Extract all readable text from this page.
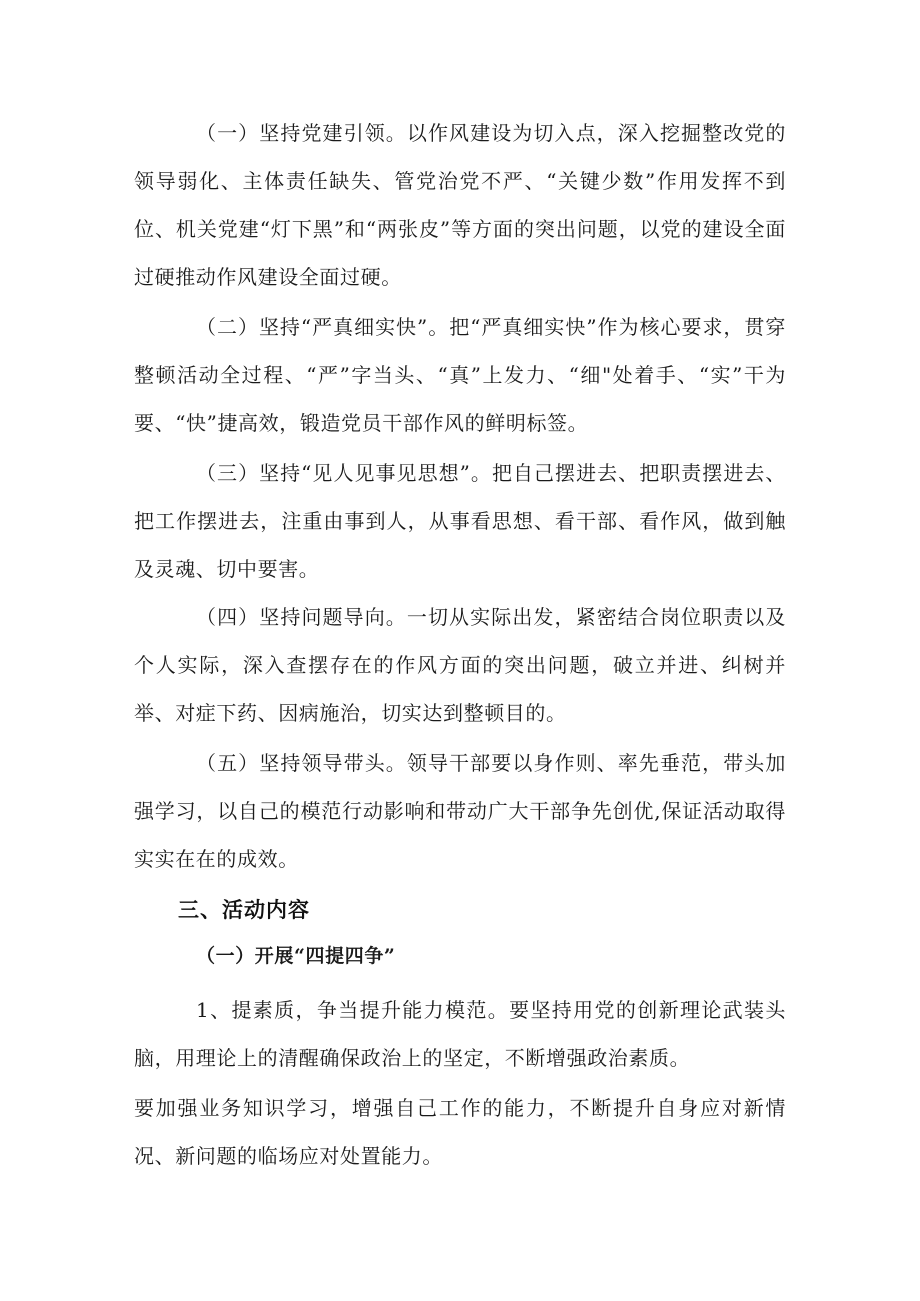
（一）坚持党建引领。以作风建设为切入点，深入挖掘整改党的领导弱化、主体责任缺失、管党治党不严、“关键少数”作用发挥不到位、机关党建“灯下黑”和“两张皮”等方面的突出问题，以党的建设全面过硬推动作风建设全面过硬。

（二）坚持“严真细实快”。把“严真细实快”作为核心要求，贯穿整顿活动全过程、“严”字当头、“真”上发力、“细"处着手、“实”干为要、“快”捷高效，锻造党员干部作风的鲜明标签。

（三）坚持“见人见事见思想”。把自己摆进去、把职责摆进去、把工作摆进去，注重由事到人，从事看思想、看干部、看作风，做到触及灵魂、切中要害。

（四）坚持问题导向。一切从实际出发，紧密结合岗位职责以及个人实际，深入查摆存在的作风方面的突出问题，破立并进、纠树并举、对症下药、因病施治，切实达到整顿目的。

（五）坚持领导带头。领导干部要以身作则、率先垂范，带头加强学习，以自己的模范行动影响和带动广大干部争先创优,保证活动取得实实在在的成效。

三、活动内容
（一）开展“四提四争”

1、提素质，争当提升能力模范。要坚持用党的创新理论武装头脑，用理论上的清醒确保政治上的坚定，不断增强政治素质。

要加强业务知识学习，增强自己工作的能力，不断提升自身应对新情况、新问题的临场应对处置能力。
